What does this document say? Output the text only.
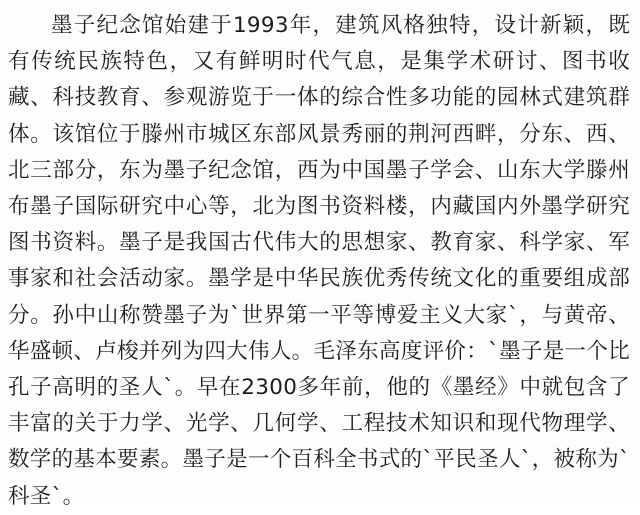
墨子纪念馆始建于1993年，建筑风格独特，设计新颖，既有传统民族特色，又有鲜明时代气息，是集学术研讨、图书收藏、科技教育、参观游览于一体的综合性多功能的园林式建筑群体。该馆位于滕州市城区东部风景秀丽的荆河西畔，分东、西、北三部分，东为墨子纪念馆，西为中国墨子学会、山东大学滕州布墨子国际研究中心等，北为图书资料楼，内藏国内外墨学研究图书资料。墨子是我国古代伟大的思想家、教育家、科学家、军事家和社会活动家。墨学是中华民族优秀传统文化的重要组成部分。孙中山称赞墨子为`世界第一平等博爱主义大家`，与黄帝、华盛顿、卢梭并列为四大伟人。毛泽东高度评价：`墨子是一个比孔子高明的圣人`。早在2300多年前，他的《墨经》中就包含了丰富的关于力学、光学、几何学、工程技术知识和现代物理学、数学的基本要素。墨子是一个百科全书式的`平民圣人`，被称为`科圣`。
